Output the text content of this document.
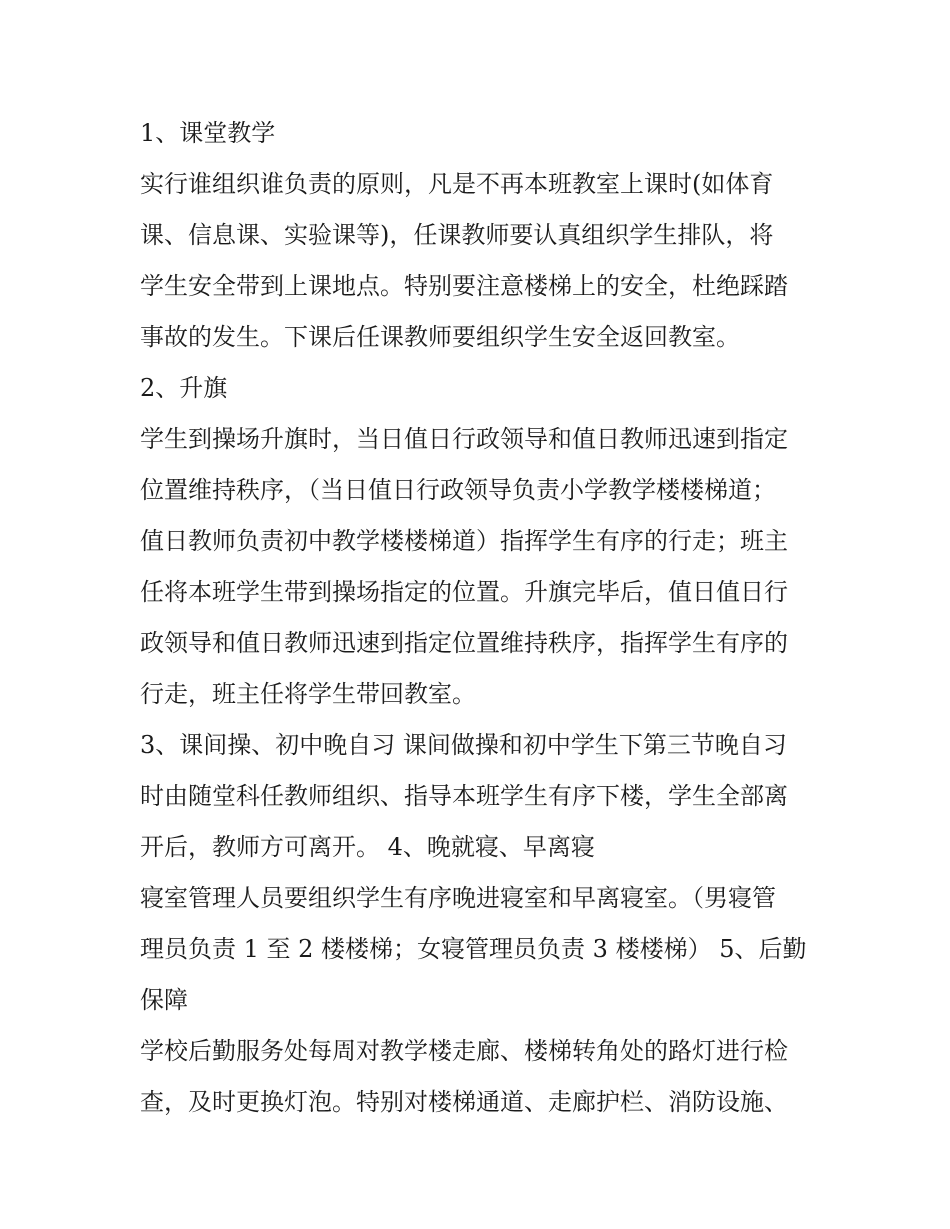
1、课堂教学
实行谁组织谁负责的原则，凡是不再本班教室上课时(如体育
课、信息课、实验课等)，任课教师要认真组织学生排队，将
学生安全带到上课地点。特别要注意楼梯上的安全，杜绝踩踏
事故的发生。下课后任课教师要组织学生安全返回教室。
2、升旗
学生到操场升旗时，当日值日行政领导和值日教师迅速到指定
位置维持秩序，（当日值日行政领导负责小学教学楼楼梯道；
值日教师负责初中教学楼楼梯道）指挥学生有序的行走；班主
任将本班学生带到操场指定的位置。升旗完毕后，值日值日行
政领导和值日教师迅速到指定位置维持秩序，指挥学生有序的
行走，班主任将学生带回教室。
3、课间操、初中晚自习 课间做操和初中学生下第三节晚自习
时由随堂科任教师组织、指导本班学生有序下楼，学生全部离
开后，教师方可离开。 4、晚就寝、早离寝
寝室管理人员要组织学生有序晚进寝室和早离寝室。（男寝管
理员负责 1 至 2 楼楼梯；女寝管理员负责 3 楼楼梯） 5、后勤
保障
学校后勤服务处每周对教学楼走廊、楼梯转角处的路灯进行检
查，及时更换灯泡。特别对楼梯通道、走廊护栏、消防设施、
